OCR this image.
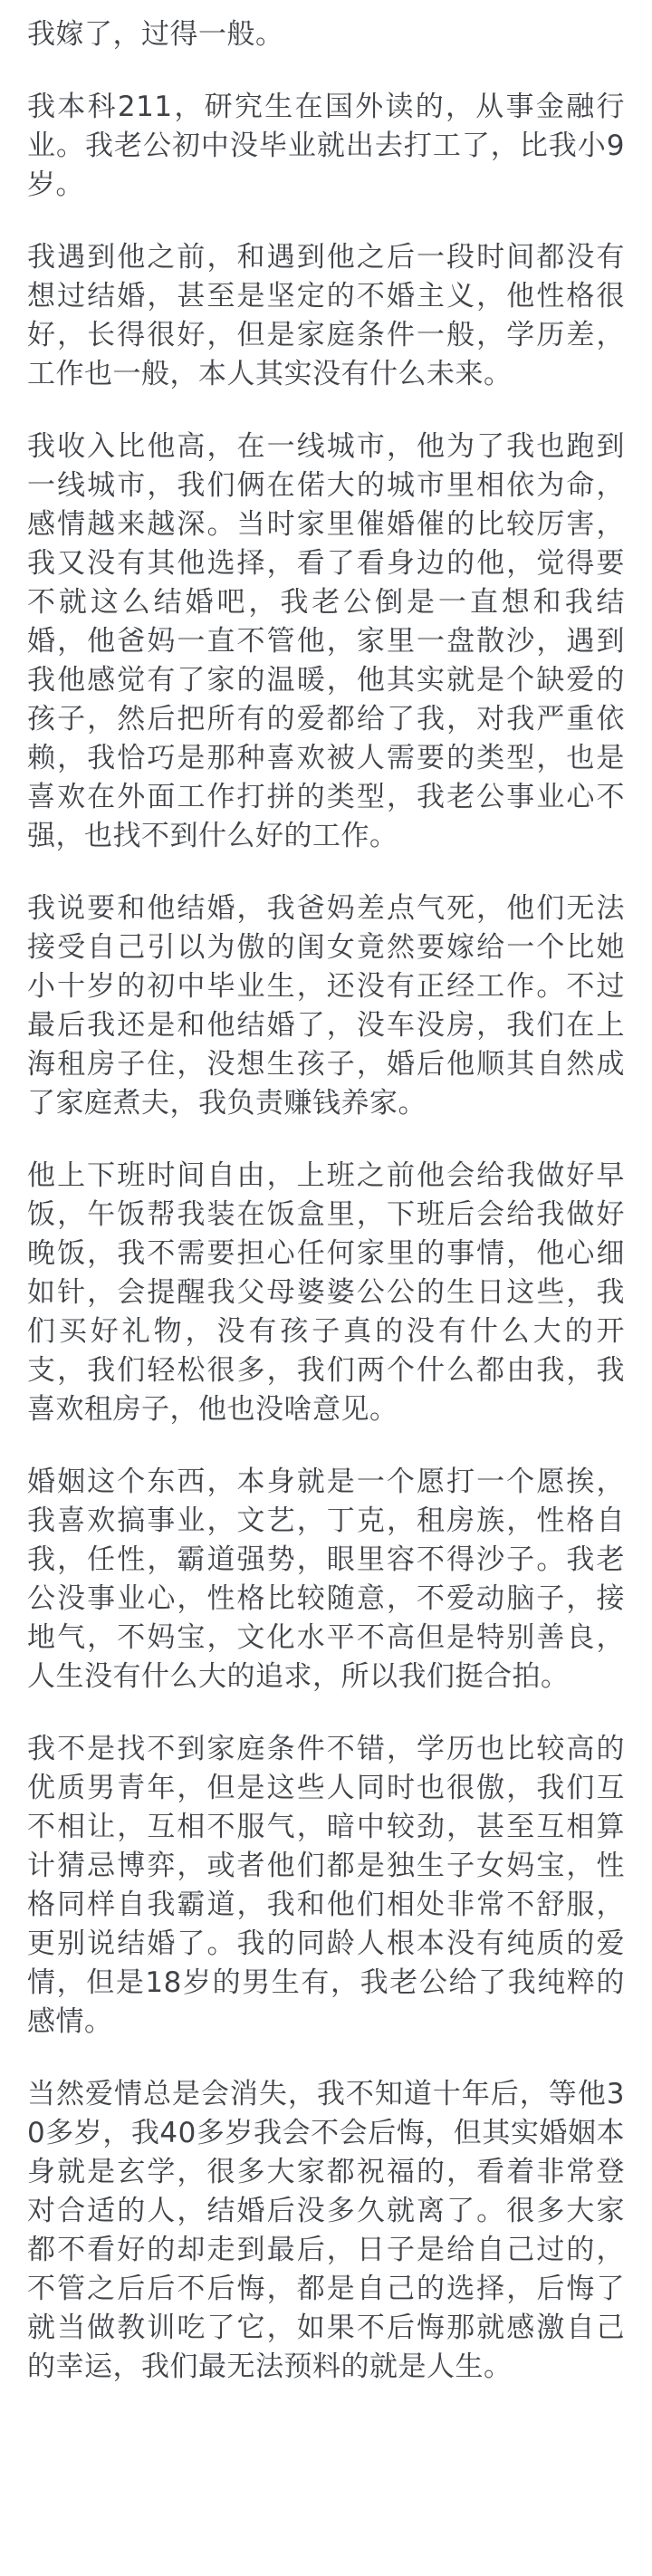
我嫁了，过得一般。

我本科211，研究生在国外读的，从事金融行业。我老公初中没毕业就出去打工了，比我小9岁。

我遇到他之前，和遇到他之后一段时间都没有想过结婚，甚至是坚定的不婚主义，他性格很好，长得很好，但是家庭条件一般，学历差，工作也一般，本人其实没有什么未来。

我收入比他高，在一线城市，他为了我也跑到一线城市，我们俩在偌大的城市里相依为命，感情越来越深。当时家里催婚催的比较厉害，我又没有其他选择，看了看身边的他，觉得要不就这么结婚吧，我老公倒是一直想和我结婚，他爸妈一直不管他，家里一盘散沙，遇到我他感觉有了家的温暖，他其实就是个缺爱的孩子，然后把所有的爱都给了我，对我严重依赖，我恰巧是那种喜欢被人需要的类型，也是喜欢在外面工作打拼的类型，我老公事业心不强，也找不到什么好的工作。

我说要和他结婚，我爸妈差点气死，他们无法接受自己引以为傲的闺女竟然要嫁给一个比她小十岁的初中毕业生，还没有正经工作。不过最后我还是和他结婚了，没车没房，我们在上海租房子住，没想生孩子，婚后他顺其自然成了家庭煮夫，我负责赚钱养家。

他上下班时间自由，上班之前他会给我做好早饭，午饭帮我装在饭盒里，下班后会给我做好晚饭，我不需要担心任何家里的事情，他心细如针，会提醒我父母婆婆公公的生日这些，我们买好礼物，没有孩子真的没有什么大的开支，我们轻松很多，我们两个什么都由我，我喜欢租房子，他也没啥意见。

婚姻这个东西，本身就是一个愿打一个愿挨，我喜欢搞事业，文艺，丁克，租房族，性格自我，任性，霸道强势，眼里容不得沙子。我老公没事业心，性格比较随意，不爱动脑子，接地气，不妈宝，文化水平不高但是特别善良，人生没有什么大的追求，所以我们挺合拍。

我不是找不到家庭条件不错，学历也比较高的优质男青年，但是这些人同时也很傲，我们互不相让，互相不服气，暗中较劲，甚至互相算计猜忌博弈，或者他们都是独生子女妈宝，性格同样自我霸道，我和他们相处非常不舒服，更别说结婚了。我的同龄人根本没有纯质的爱情，但是18岁的男生有，我老公给了我纯粹的感情。

当然爱情总是会消失，我不知道十年后，等他30多岁，我40多岁我会不会后悔，但其实婚姻本身就是玄学，很多大家都祝福的，看着非常登对合适的人，结婚后没多久就离了。很多大家都不看好的却走到最后，日子是给自己过的，不管之后后不后悔，都是自己的选择，后悔了就当做教训吃了它，如果不后悔那就感激自己的幸运，我们最无法预料的就是人生。
